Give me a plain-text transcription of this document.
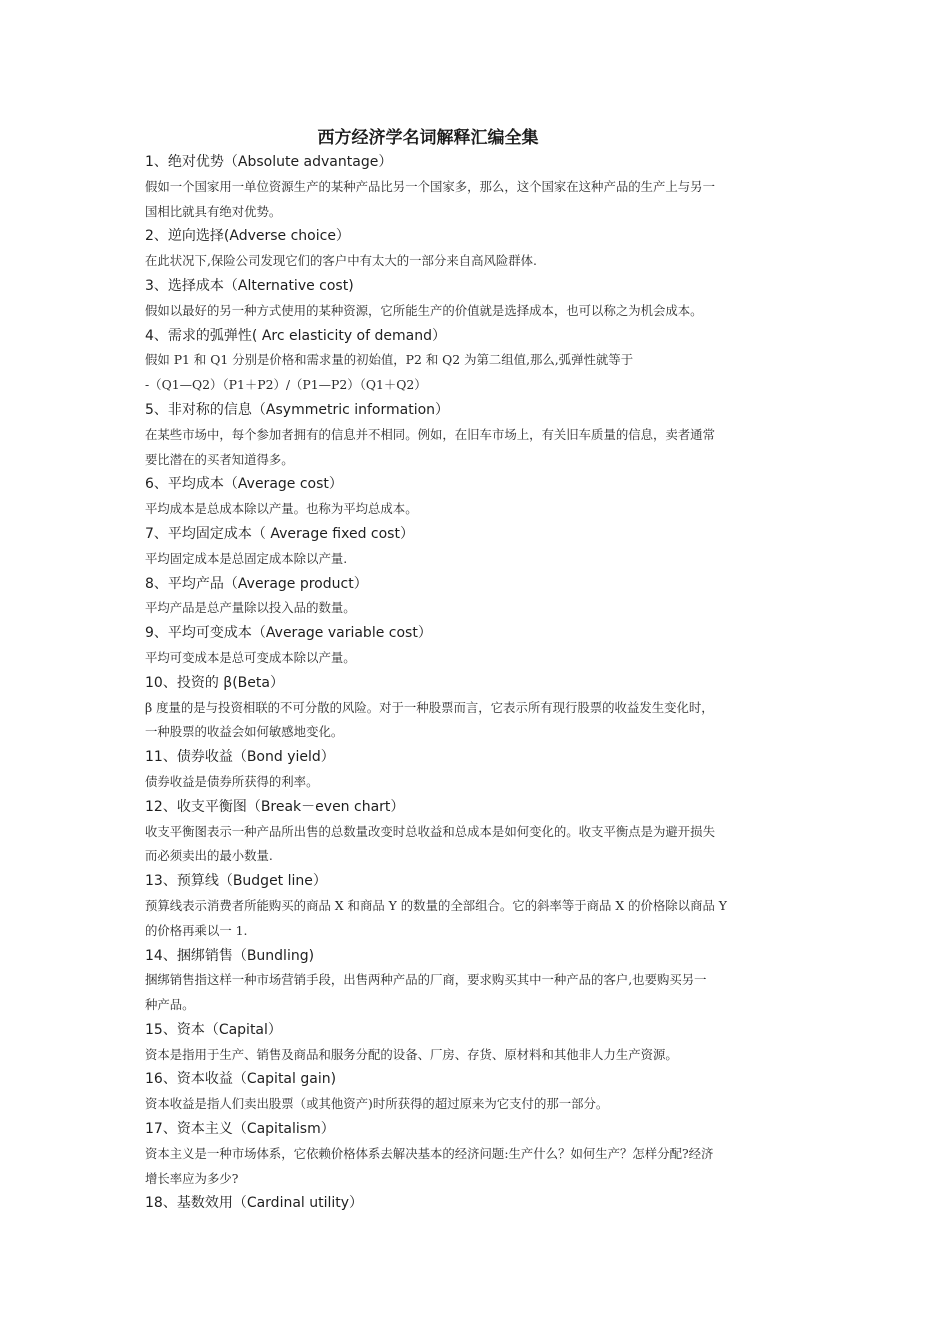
西方经济学名词解释汇编全集
1、绝对优势（Absolute advantage）
假如一个国家用一单位资源生产的某种产品比另一个国家多，那么，这个国家在这种产品的生产上与另一
国相比就具有绝对优势。
2、逆向选择(Adverse choice）
在此状况下,保险公司发现它们的客户中有太大的一部分来自高风险群体.
3、选择成本（Alternative cost)
假如以最好的另一种方式使用的某种资源，它所能生产的价值就是选择成本，也可以称之为机会成本。
4、需求的弧弹性( Arc elasticity of demand）
假如 P1 和 Q1 分别是价格和需求量的初始值，P2 和 Q2 为第二组值,那么,弧弹性就等于
-（Q1—Q2）（P1＋P2）/（P1—P2）（Q1＋Q2）
5、非对称的信息（Asymmetric information）
在某些市场中，每个参加者拥有的信息并不相同。例如，在旧车市场上，有关旧车质量的信息，卖者通常
要比潜在的买者知道得多。
6、平均成本（Average cost）
平均成本是总成本除以产量。也称为平均总成本。
7、平均固定成本（ Average fixed cost）
平均固定成本是总固定成本除以产量.
8、平均产品（Average product）
平均产品是总产量除以投入品的数量。
9、平均可变成本（Average variable cost）
平均可变成本是总可变成本除以产量。
10、投资的 β(Beta）
β 度量的是与投资相联的不可分散的风险。对于一种股票而言，它表示所有现行股票的收益发生变化时，
一种股票的收益会如何敏感地变化。
11、债券收益（Bond yield）
债券收益是债券所获得的利率。
12、收支平衡图（Break－even chart）
收支平衡图表示一种产品所出售的总数量改变时总收益和总成本是如何变化的。收支平衡点是为避开损失
而必须卖出的最小数量.
13、预算线（Budget line）
预算线表示消费者所能购买的商品 X 和商品 Y 的数量的全部组合。它的斜率等于商品 X 的价格除以商品 Y
的价格再乘以一 1.
14、捆绑销售（Bundling)
捆绑销售指这样一种市场营销手段，出售两种产品的厂商，要求购买其中一种产品的客户,也要购买另一
种产品。
15、资本（Capital）
资本是指用于生产、销售及商品和服务分配的设备、厂房、存货、原材料和其他非人力生产资源。
16、资本收益（Capital gain)
资本收益是指人们卖出股票（或其他资产)时所获得的超过原来为它支付的那一部分。
17、资本主义（Capitalism）
资本主义是一种市场体系，它依赖价格体系去解决基本的经济问题:生产什么？如何生产？怎样分配?经济
增长率应为多少?
18、基数效用（Cardinal utility）
